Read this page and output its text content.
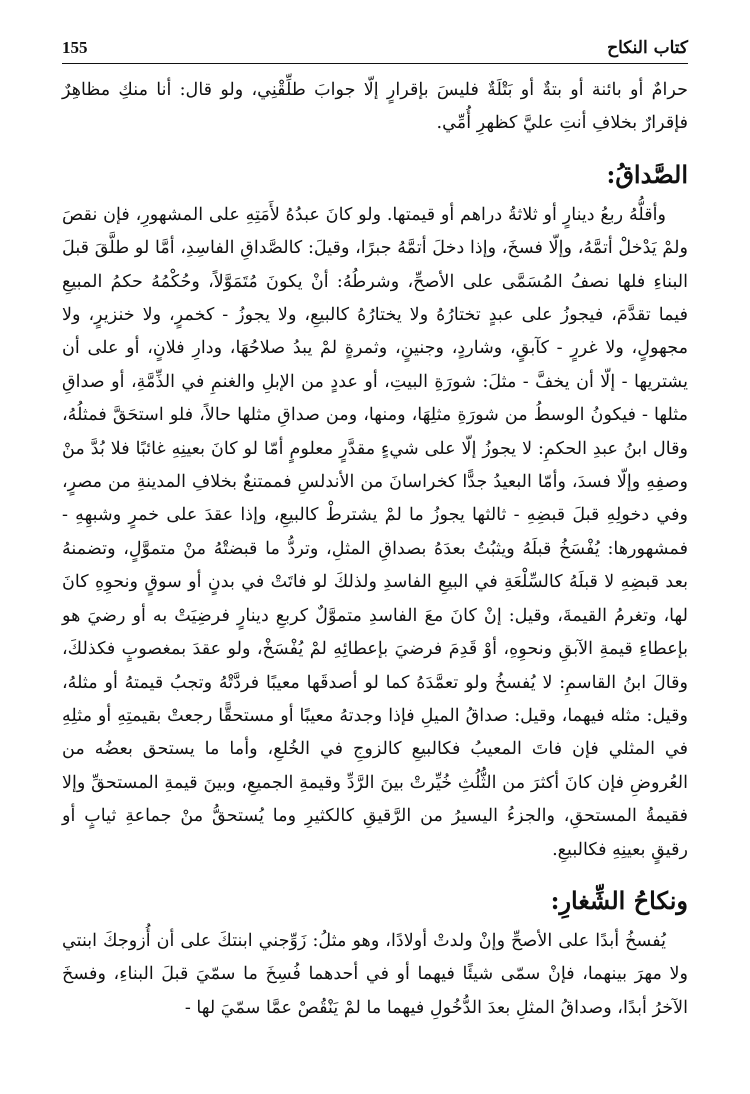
كتاب النكاح
155

حرامٌ أو بائنة أو بتةٌ أو بَتْلَةٌ فليسَ بإقرارٍ إلّا جوابَ طلِّقْنِي، ولو قال: أنا منكِ مظاهِرٌ فإقرارٌ بخلافِ أنتِ عليَّ كظهرِ أُمِّي.

الصَّداقُ:

وأقلُّهُ ربعُ دينارٍ أو ثلاثةُ دراهم أو قيمتها. ولو كانَ عبدُهُ لأَمَتِهِ على المشهورِ، فإن نقصَ ولمْ يَدْخلْ أتمَّهُ، وإلّا فسخَ، وإذا دخلَ أتمَّهُ جبرًا، وقيلَ: كالصَّداقِ الفاسِدِ، أمَّا لو طلَّقَ قبلَ البناءِ فلها نصفُ المُسَمَّى على الأصحِّ، وشرطُهُ: أنْ يكونَ مُتَمَوَّلاً، وحُكْمُهُ حكمُ المبيعِ فيما تقدَّمَ، فيجوزُ على عبدٍ تختارُهُ ولا يختارُهُ كالبيعِ، ولا يجوزُ - كخمرٍ، ولا خنزيرٍ، ولا مجهولٍ، ولا غررٍ - كآبقٍ، وشاردٍ، وجنينٍ، وثمرةٍ لمْ يبدُ صلاحُهَا، ودارِ فلانٍ، أو على أن يشتريها - إلّا أن يخفَّ - مثلَ: شورَةِ البيتِ، أو عددٍ من الإبلِ والغنمِ في الذِّمَّةِ، أو صداقِ مثلها - فيكونُ الوسطُ من شورَةِ مثلِهَا، ومنها، ومن صداقِ مثلها حالاً، فلو استحَقَّ فمثلُهُ، وقال ابنُ عبدِ الحكمِ: لا يجوزُ إلّا على شيءٍ مقدَّرٍ معلومٍ أمّا لو كانَ بعينِهِ غائبًا فلا بُدَّ منْ وصفِهِ وإلّا فسدَ، وأمّا البعيدُ جدًّا كخراسانَ من الأندلسِ فممتنعٌ بخلافِ المدينةِ من مصرٍ، وفي دخولِهِ قبلَ قبضِهِ - ثالثها يجوزُ ما لمْ يشترطْ كالبيعِ، وإذا عقدَ على خمرٍ وشبهِهِ - فمشهورها: يُفْسَخُ قبلَهُ ويثبُتُ بعدَهُ بصداقِ المثلِ، وتردُّ ما قبضتْهُ منْ متموَّلٍ، وتضمنهُ بعد قبضِهِ لا قبلَهُ كالسِّلْعَةِ في البيعِ الفاسدِ ولذلكَ لو فاتَتْ في بدنٍ أو سوقٍ ونحوِهِ كانَ لها، وتغرمُ القيمةَ، وقيل: إنْ كانَ معَ الفاسدِ متموَّلٌ كربعِ دينارٍ فرضِيَتْ به أو رضيَ هو بإعطاءِ قيمةِ الآبقِ ونحوِهِ، أوْ قَدِمَ فرضيَ بإعطائِهِ لمْ يُفْسَخْ، ولو عقدَ بمغصوبٍ فكذلكَ، وقالَ ابنُ القاسمِ: لا يُفسخُ ولو تعمَّدَهُ كما لو أصدقَها معيبًا فردَّتْهُ وتجبُ قيمتهُ أو مثلهُ، وقيل: مثله فيهما، وقيل: صداقُ الميلِ فإذا وجدتهُ معيبًا أو مستحقًّا رجعتْ بقيمتِهِ أو مثلِهِ في المثلي فإن فاتَ المعيبُ فكالبيعِ كالزوجِ في الخُلعِ، وأما ما يستحق بعضُه من العُروضِ فإن كانَ أكثرَ من الثُّلُثِ خُيِّرتْ بينَ الرَّدِّ وقيمةِ الجميعِ، وبينَ قيمةِ المستحقِّ وإلا فقيمةُ المستحقِ، والجزءُ اليسيرُ من الرَّقيقِ كالكثيرِ وما يُستحقُّ منْ جماعةِ ثيابٍ أو رقيقٍ بعينِهِ فكالبيعِ.

ونكاحُ الشِّغارِ:

يُفسخُ أبدًا على الأصحِّ وإنْ ولدتْ أولادًا، وهو مثلُ: زَوِّجني ابنتكَ على أن أُزوجكَ ابنتي ولا مهرَ بينهما، فإنْ سمّى شيئًا فيهما أو في أحدهما فُسِخَ ما سمّيَ قبلَ البناءِ، وفسخَ الآخرُ أبدًا، وصداقُ المثلِ بعدَ الدُّخُولِ فيهما ما لمْ يَنْقُصْ عمَّا سمّيَ لها -
